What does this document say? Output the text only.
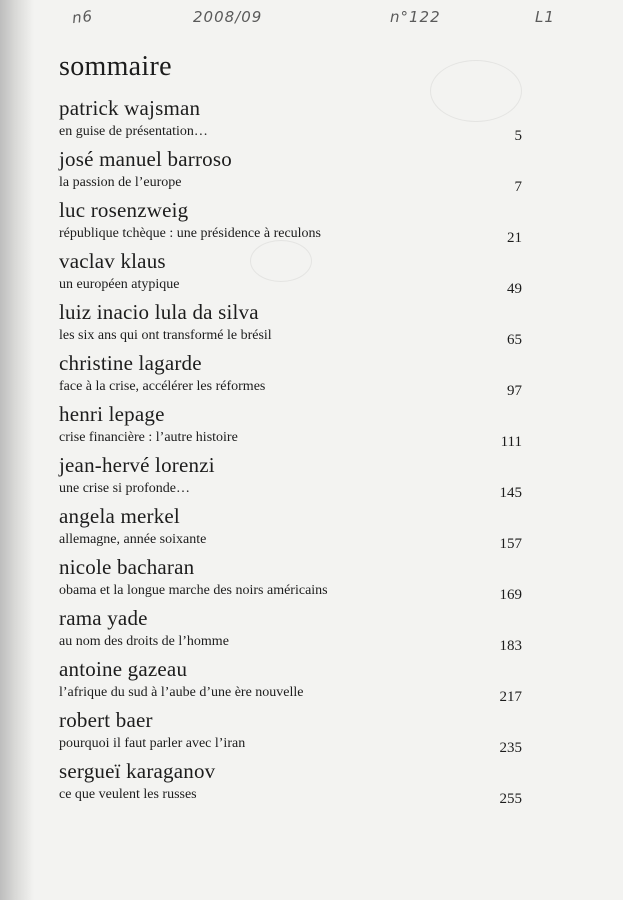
n6	2008/09	n°122	L1
sommaire
patrick wajsman
en guise de présentation…	5
josé manuel barroso
la passion de l’europe	7
luc rosenzweig
république tchèque : une présidence à reculons	21
vaclav klaus
un européen atypique	49
luiz inacio lula da silva
les six ans qui ont transformé le brésil	65
christine lagarde
face à la crise, accélérer les réformes	97
henri lepage
crise financière : l’autre histoire	111
jean-hervé lorenzi
une crise si profonde…	145
angela merkel
allemagne, année soixante	157
nicole bacharan
obama et la longue marche des noirs américains	169
rama yade
au nom des droits de l’homme	183
antoine gazeau
l’afrique du sud à l’aube d’une ère nouvelle	217
robert baer
pourquoi il faut parler avec l’iran	235
sergueï karaganov
ce que veulent les russes	255
